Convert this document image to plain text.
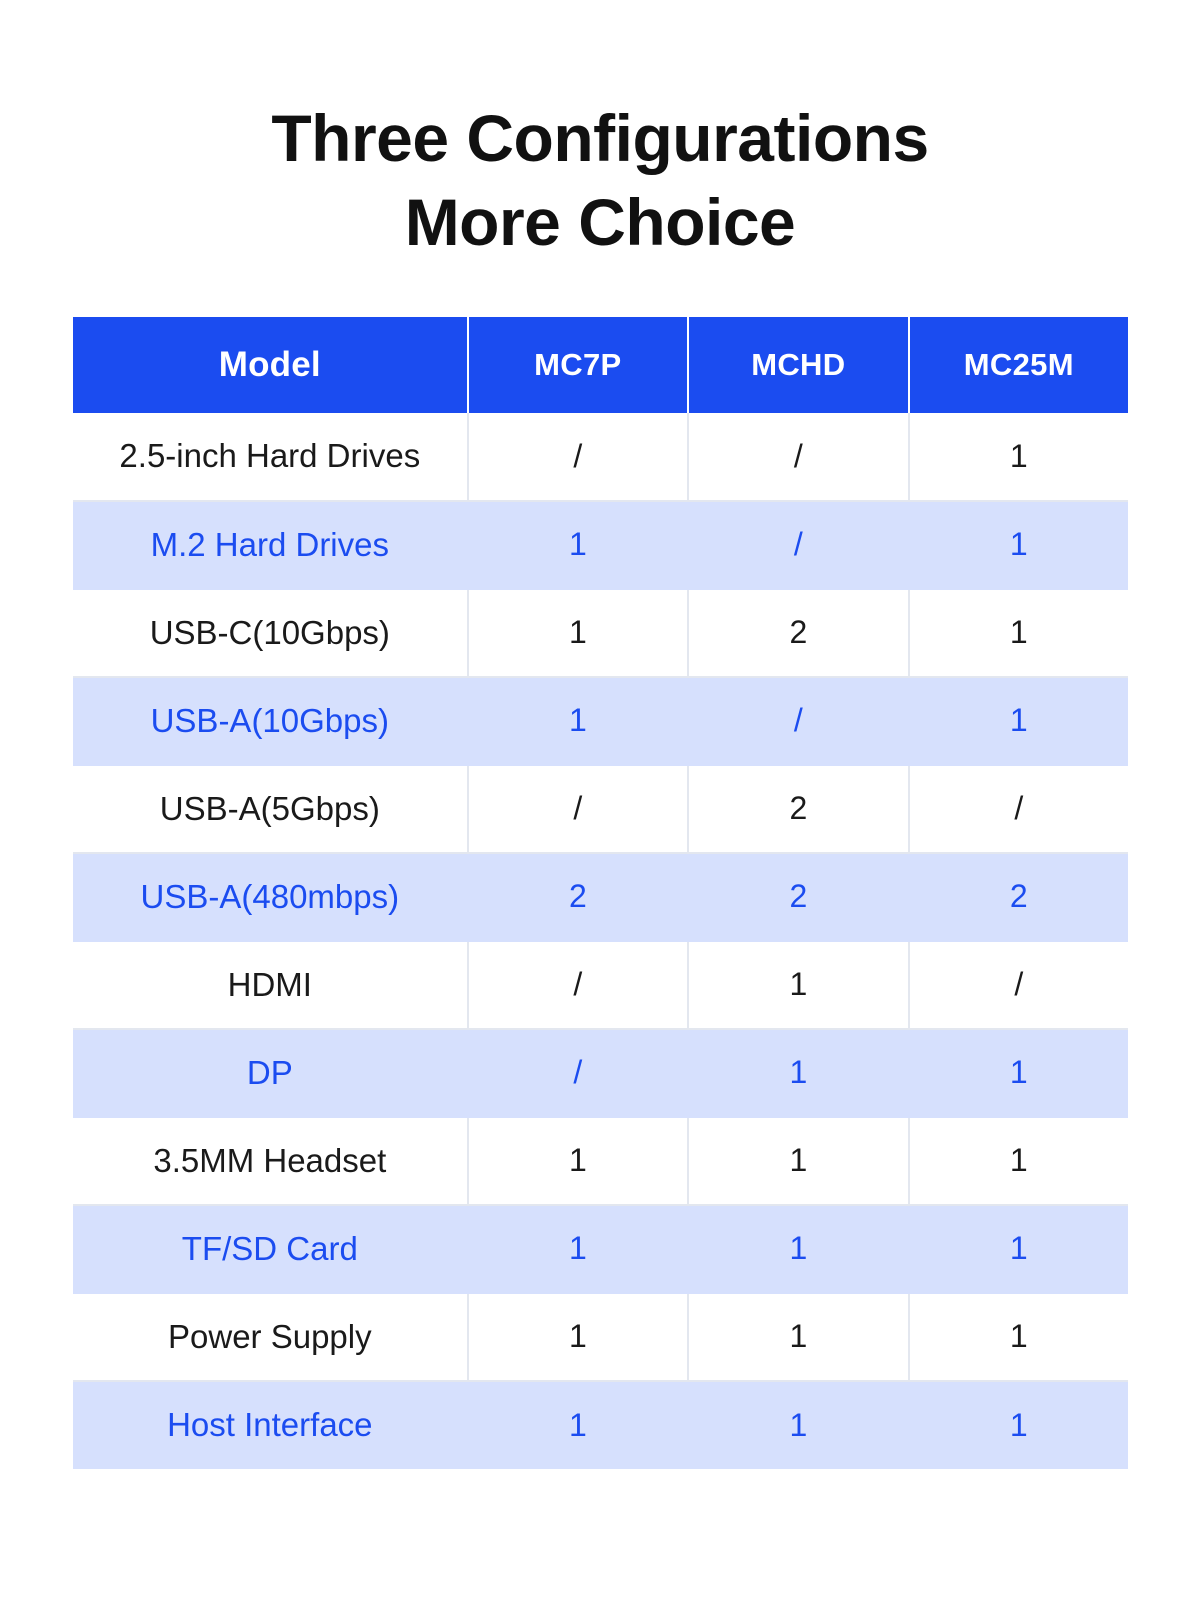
Three Configurations
More Choice
Model	MC7P	MCHD	MC25M
2.5-inch Hard Drives	/	/	1
M.2 Hard Drives	1	/	1
USB-C(10Gbps)	1	2	1
USB-A(10Gbps)	1	/	1
USB-A(5Gbps)	/	2	/
USB-A(480mbps)	2	2	2
HDMI	/	1	/
DP	/	1	1
3.5MM Headset	1	1	1
TF/SD Card	1	1	1
Power Supply	1	1	1
Host Interface	1	1	1
